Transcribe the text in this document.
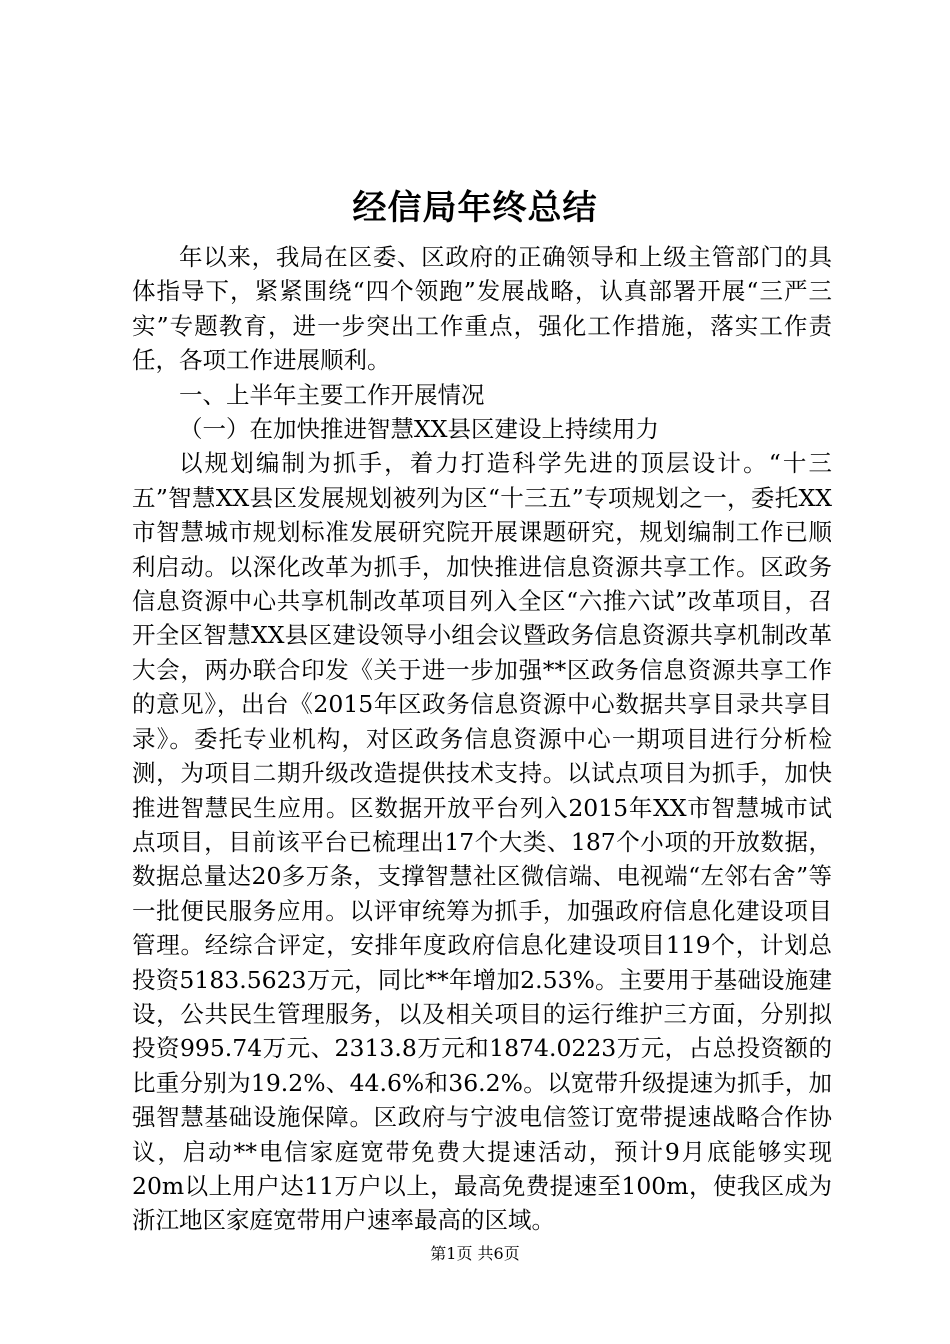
经信局年终总结

年以来，我局在区委、区政府的正确领导和上级主管部门的具体指导下，紧紧围绕“四个领跑”发展战略，认真部署开展“三严三实”专题教育，进一步突出工作重点，强化工作措施，落实工作责任，各项工作进展顺利。

一、上半年主要工作开展情况

（一）在加快推进智慧XX县区建设上持续用力

以规划编制为抓手，着力打造科学先进的顶层设计。“十三五”智慧XX县区发展规划被列为区“十三五”专项规划之一，委托XX市智慧城市规划标准发展研究院开展课题研究，规划编制工作已顺利启动。以深化改革为抓手，加快推进信息资源共享工作。区政务信息资源中心共享机制改革项目列入全区“六推六试”改革项目，召开全区智慧XX县区建设领导小组会议暨政务信息资源共享机制改革大会，两办联合印发《关于进一步加强**区政务信息资源共享工作的意见》，出台《2015年区政务信息资源中心数据共享目录共享目录》。委托专业机构，对区政务信息资源中心一期项目进行分析检测，为项目二期升级改造提供技术支持。以试点项目为抓手，加快推进智慧民生应用。区数据开放平台列入2015年XX市智慧城市试点项目，目前该平台已梳理出17个大类、187个小项的开放数据，数据总量达20多万条，支撑智慧社区微信端、电视端“左邻右舍”等一批便民服务应用。以评审统筹为抓手，加强政府信息化建设项目管理。经综合评定，安排年度政府信息化建设项目119个，计划总投资5183.5623万元，同比**年增加2.53%。主要用于基础设施建设，公共民生管理服务，以及相关项目的运行维护三方面，分别拟投资995.74万元、2313.8万元和1874.0223万元，占总投资额的比重分别为19.2%、44.6%和36.2%。以宽带升级提速为抓手，加强智慧基础设施保障。区政府与宁波电信签订宽带提速战略合作协议，启动**电信家庭宽带免费大提速活动，预计9月底能够实现20m以上用户达11万户以上，最高免费提速至100m，使我区成为浙江地区家庭宽带用户速率最高的区域。

第1页 共6页
